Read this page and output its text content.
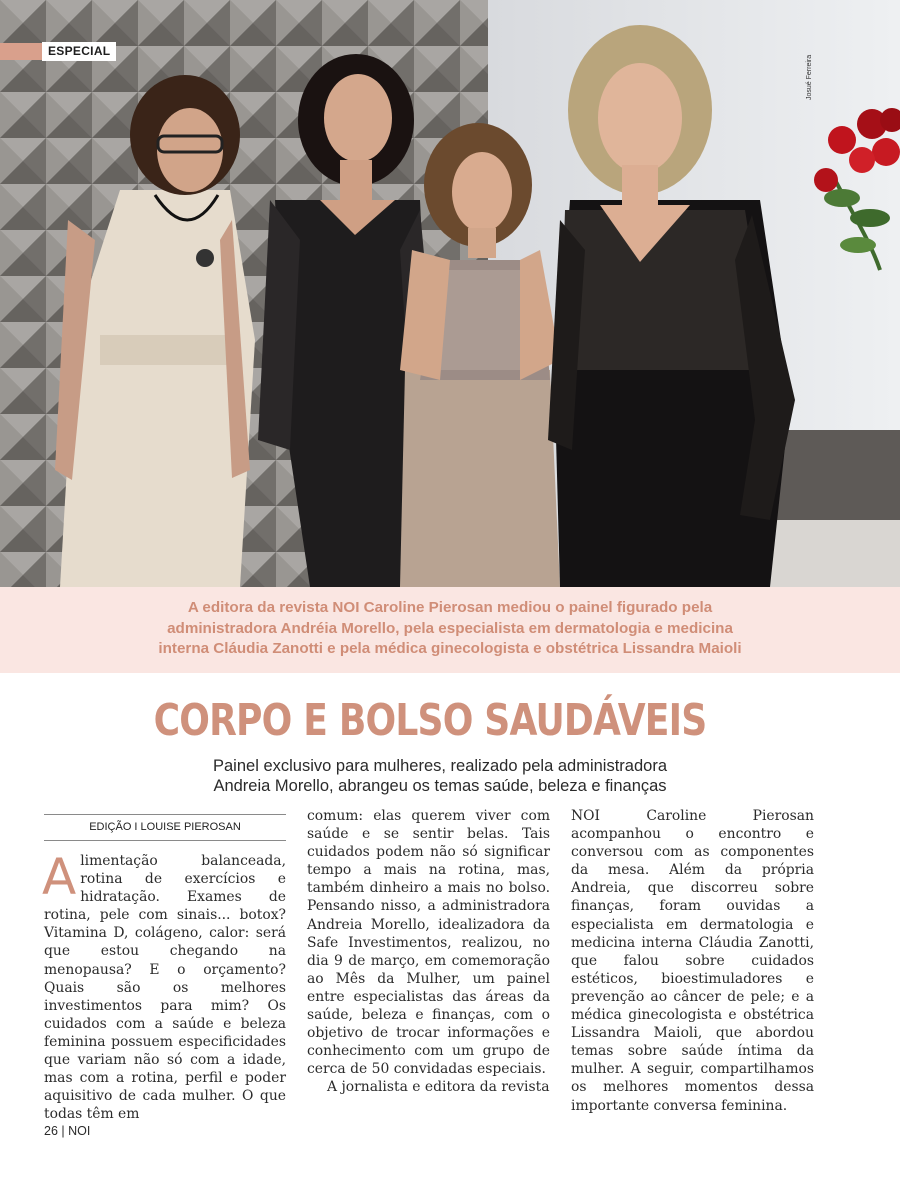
ESPECIAL
Josué Ferreira
A editora da revista NOI Caroline Pierosan mediou o painel figurado pela
administradora Andréia Morello, pela especialista em dermatologia e medicina
interna Cláudia Zanotti e pela médica ginecologista e obstétrica Lissandra Maioli
CORPO E BOLSO SAUDÁVEIS
Painel exclusivo para mulheres, realizado pela administradora
Andreia Morello, abrangeu os temas saúde, beleza e finanças
EDIÇÃO I LOUISE PIEROSAN
A limentação balanceada, rotina de exercícios e hidratação. Exames de rotina, pele com sinais... botox? Vitamina D, colágeno, calor: será que estou chegando na menopausa? E o orçamento? Quais são os melhores investimentos para mim? Os cuidados com a saúde e beleza feminina possuem especificidades que variam não só com a idade, mas com a rotina, perfil e poder aquisitivo de cada mulher. O que todas têm em

comum: elas querem viver com saúde e se sentir belas. Tais cuidados podem não só significar tempo a mais na rotina, mas, também dinheiro a mais no bolso. Pensando nisso, a administradora Andreia Morello, idealizadora da Safe Investimentos, realizou, no dia 9 de março, em comemoração ao Mês da Mulher, um painel entre especialistas das áreas da saúde, beleza e finanças, com o objetivo de trocar informações e conhecimento com um grupo de cerca de 50 convidadas especiais.

A jornalista e editora da revista

NOI Caroline Pierosan acompanhou o encontro e conversou com as componentes da mesa. Além da própria Andreia, que discorreu sobre finanças, foram ouvidas a especialista em dermatologia e medicina interna Cláudia Zanotti, que falou sobre cuidados estéticos, bioestimuladores e prevenção ao câncer de pele; e a médica ginecologista e obstétrica Lissandra Maioli, que abordou temas sobre saúde íntima da mulher. A seguir, compartilhamos os melhores momentos dessa importante conversa feminina.

26 | NOI
